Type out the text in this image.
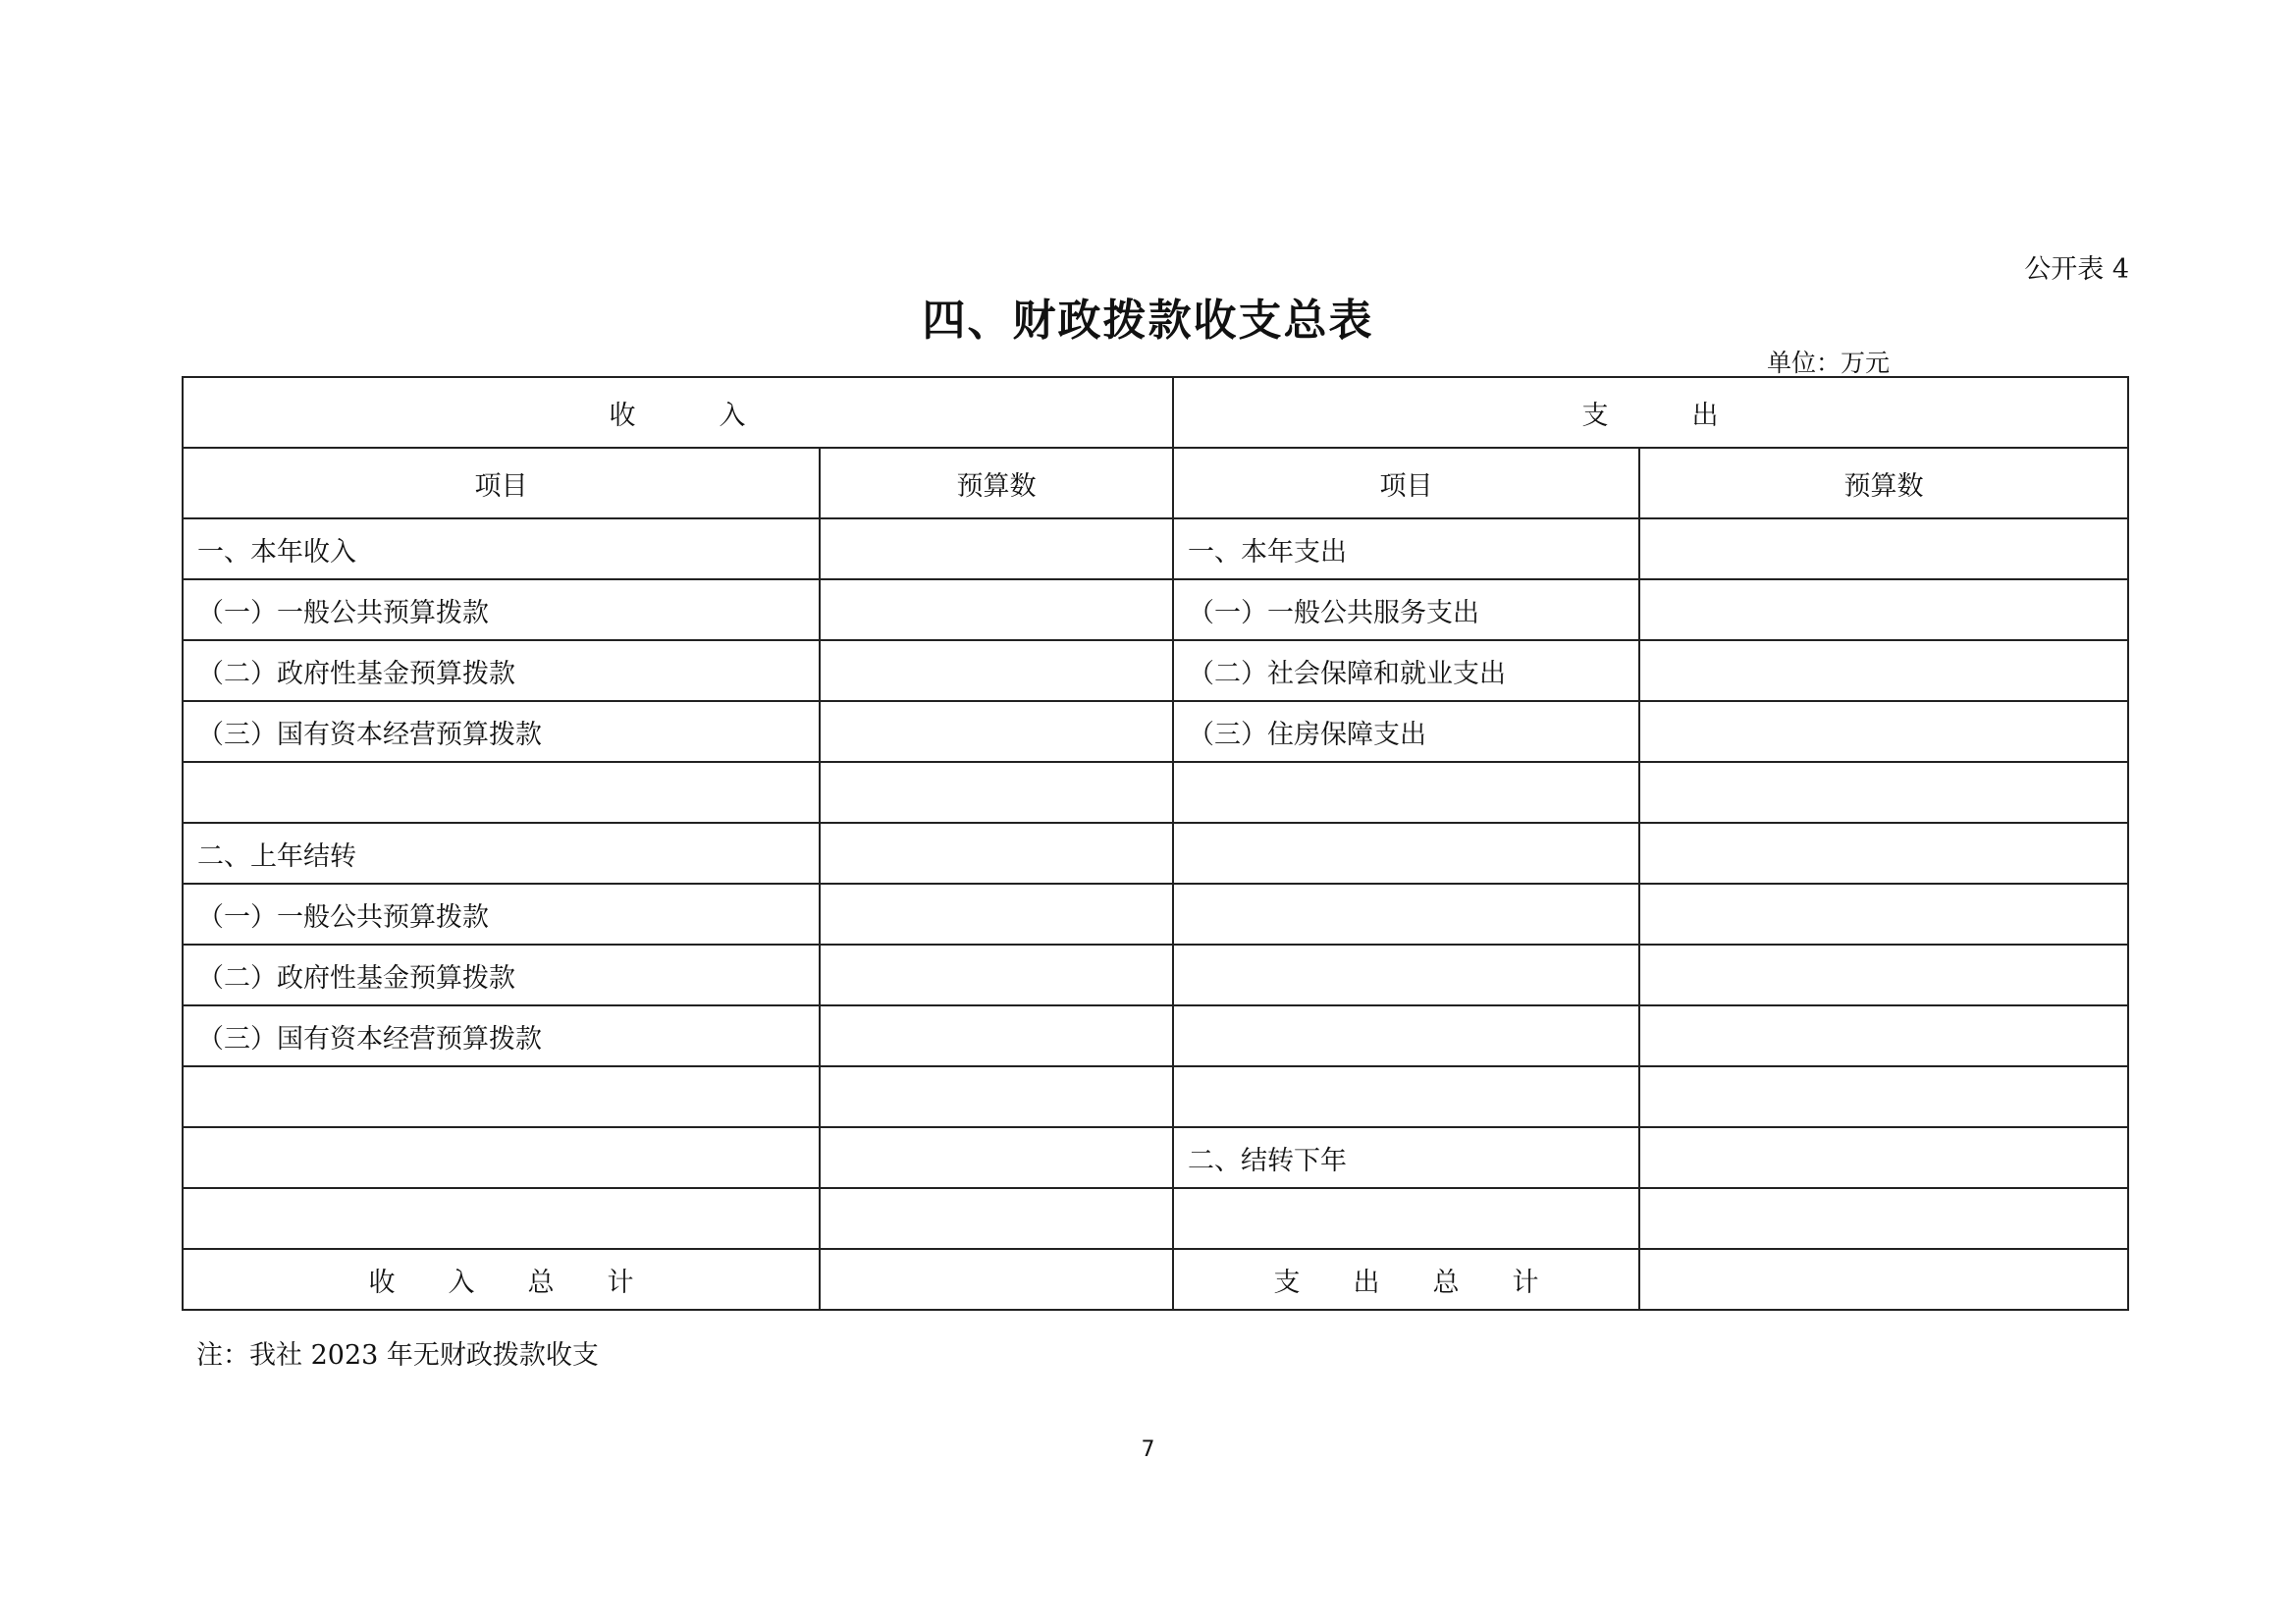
公开表 4
四、财政拨款收支总表
单位：万元
收　　　入		支　　　出	
项目	预算数	项目	预算数
一、本年收入		一、本年支出	
（一）一般公共预算拨款		（一）一般公共服务支出	
（二）政府性基金预算拨款		（二）社会保障和就业支出	
（三）国有资本经营预算拨款		（三）住房保障支出	

二、上年结转			
（一）一般公共预算拨款			
（二）政府性基金预算拨款			
（三）国有资本经营预算拨款			

		二、结转下年	

收　　入　　总　　计		支　　出　　总　　计	
注：我社 2023 年无财政拨款收支
7
